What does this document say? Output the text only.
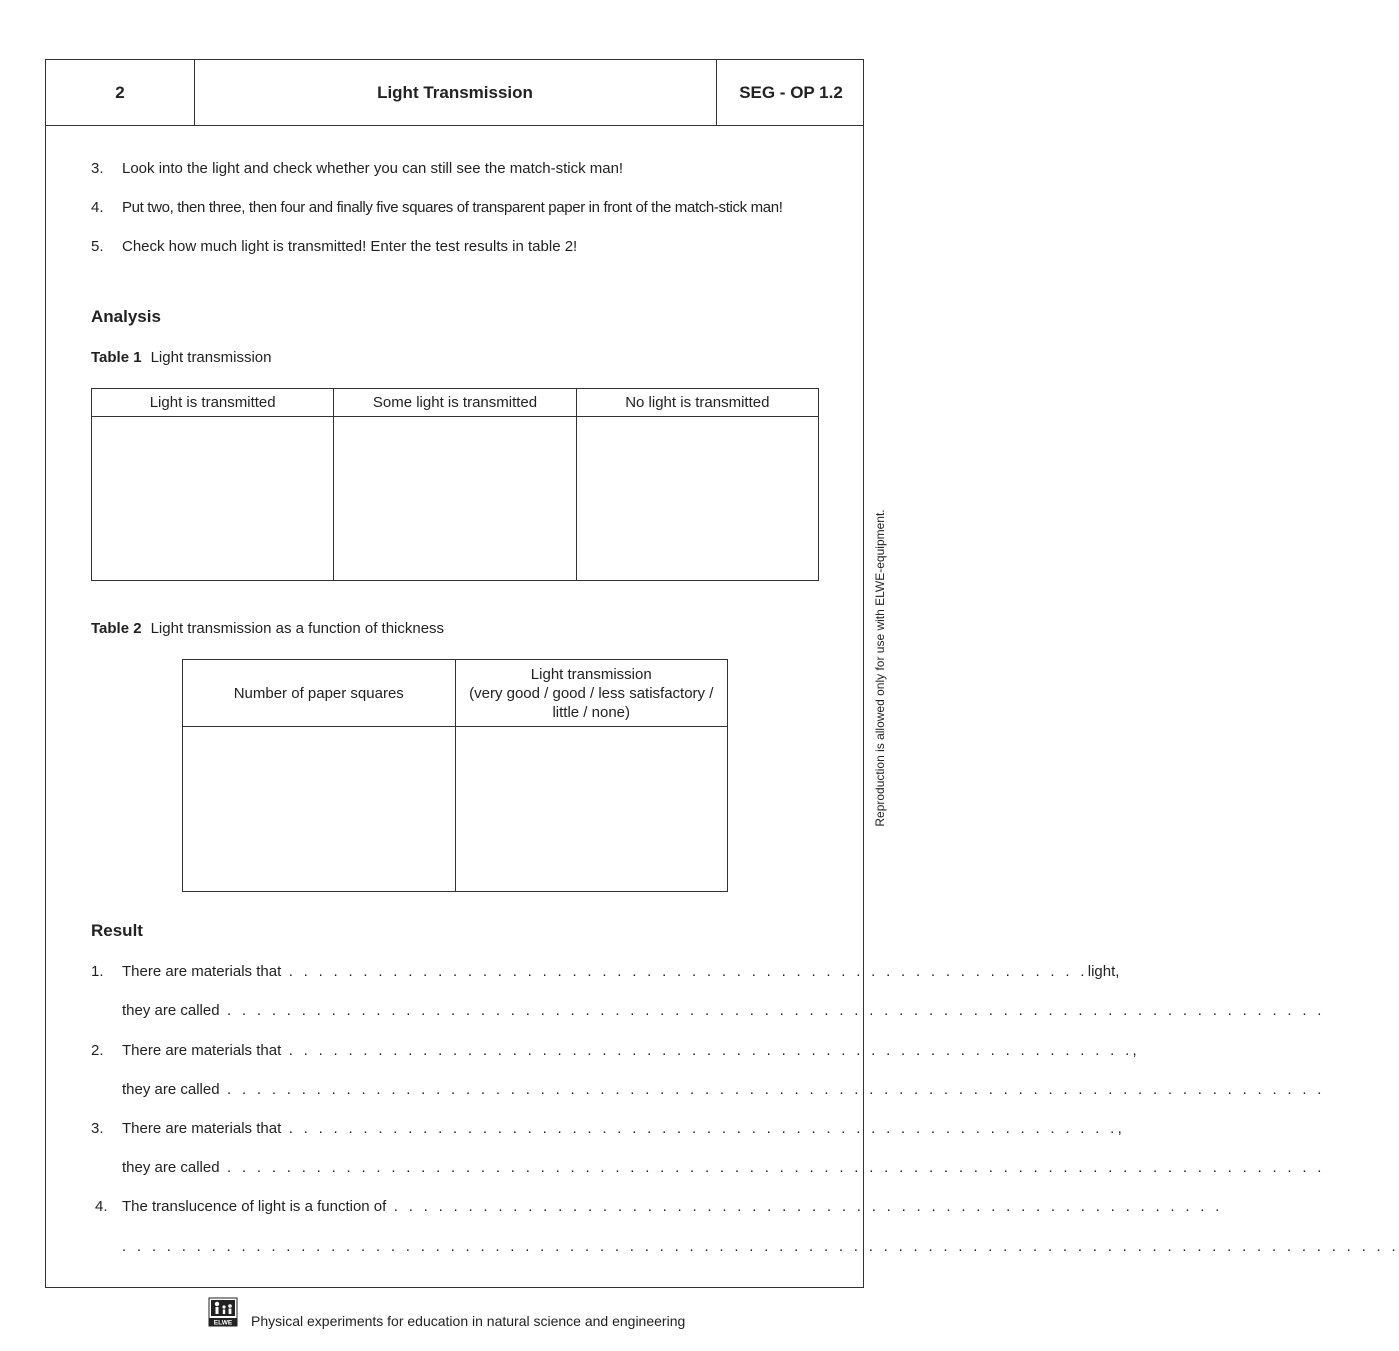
2	Light Transmission	SEG - OP 1.2
3. Look into the light and check whether you can still see the match-stick man!
4. Put two, then three, then four and finally five squares of transparent paper in front of the match-stick man!
5. Check how much light is transmitted! Enter the test results in table 2!
Analysis
Table 1 Light transmission
Light is transmitted	Some light is transmitted	No light is transmitted

Table 2 Light transmission as a function of thickness
Number of paper squares	Light transmission
(very good / good / less satisfactory /
little / none)

Result
1. There are materials that . . . . . . . . . . . . . . . . . . . . . . . . . . . . . . . . . . . . . . . . . . . . . . . . . . . . . .light,
they are called . . . . . . . . . . . . . . . . . . . . . . . . . . . . . . . . . . . . . . . . . . . . . . . . . . . . . . . . . . . . . . . . . . . . . . . . . .
2. There are materials that . . . . . . . . . . . . . . . . . . . . . . . . . . . . . . . . . . . . . . . . . . . . . . . . . . . . . . . . .,
they are called . . . . . . . . . . . . . . . . . . . . . . . . . . . . . . . . . . . . . . . . . . . . . . . . . . . . . . . . . . . . . . . . . . . . . . . . . .
3. There are materials that . . . . . . . . . . . . . . . . . . . . . . . . . . . . . . . . . . . . . . . . . . . . . . . . . . . . . . . .,
they are called . . . . . . . . . . . . . . . . . . . . . . . . . . . . . . . . . . . . . . . . . . . . . . . . . . . . . . . . . . . . . . . . . . . . . . . . . .
4. The translucence of light is a function of . . . . . . . . . . . . . . . . . . . . . . . . . . . . . . . . . . . . . . . . . . . . . . . . . . . . . . . .
. . . . . . . . . . . . . . . . . . . . . . . . . . . . . . . . . . . . . . . . . . . . . . . . . . . . . . . . . . . . . . . . . . . . . . . . . . . . . . . . . . . . . .
Reproduction is allowed only for use with ELWE-equipment.
ELWE Physical experiments for education in natural science and engineering
